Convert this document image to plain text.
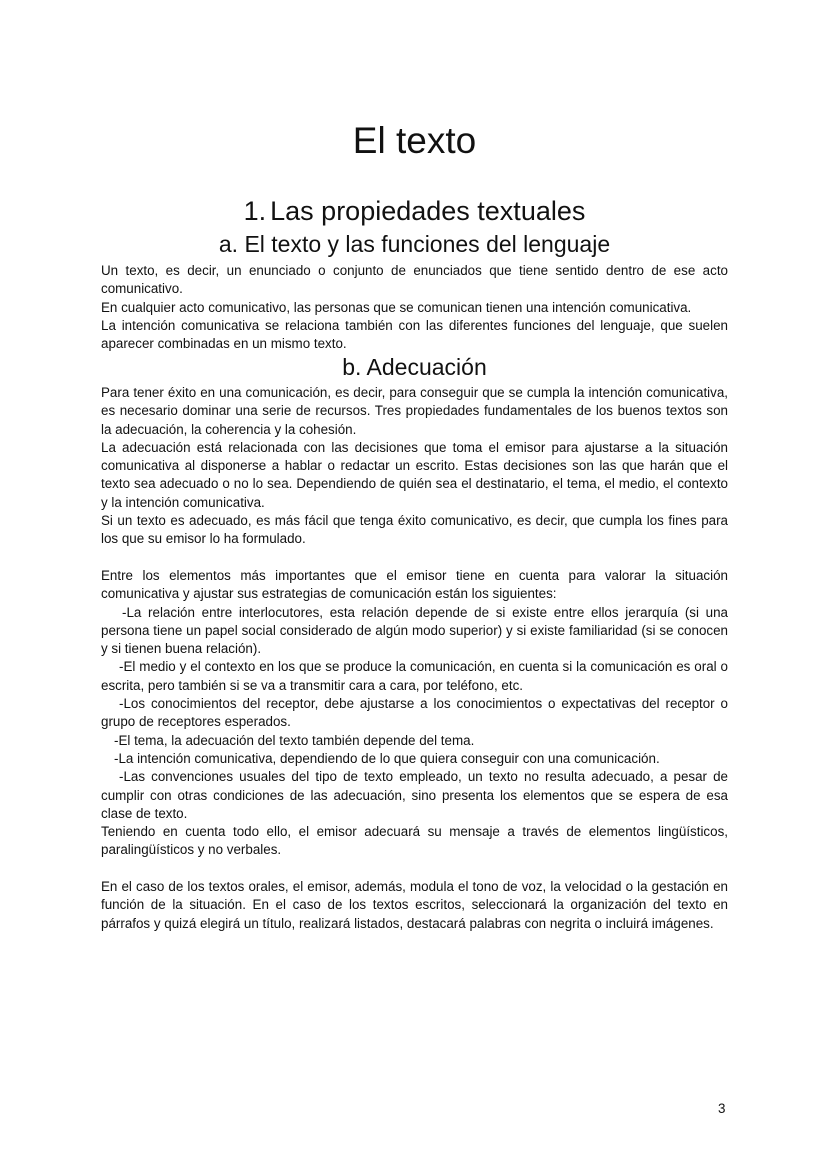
El texto
1. Las propiedades textuales
a. El texto y las funciones del lenguaje

Un texto, es decir, un enunciado o conjunto de enunciados que tiene sentido dentro de ese acto comunicativo.

En cualquier acto comunicativo, las personas que se comunican tienen una intención comunicativa.

La intención comunicativa se relaciona también con las diferentes funciones del lenguaje, que suelen aparecer combinadas en un mismo texto.

b. Adecuación

Para tener éxito en una comunicación, es decir, para conseguir que se cumpla la intención comunicativa, es necesario dominar una serie de recursos. Tres propiedades fundamentales de los buenos textos son la adecuación, la coherencia y la cohesión.

La adecuación está relacionada con las decisiones que toma el emisor para ajustarse a la situación comunicativa al disponerse a hablar o redactar un escrito. Estas decisiones son las que harán que el texto sea adecuado o no lo sea. Dependiendo de quién sea el destinatario, el tema, el medio, el contexto y la intención comunicativa.

Si un texto es adecuado, es más fácil que tenga éxito comunicativo, es decir, que cumpla los fines para los que su emisor lo ha formulado.

Entre los elementos más importantes que el emisor tiene en cuenta para valorar la situación comunicativa y ajustar sus estrategias de comunicación están los siguientes:

-La relación entre interlocutores, esta relación depende de si existe entre ellos jerarquía (si una persona tiene un papel social considerado de algún modo superior) y si existe familiaridad (si se conocen y si tienen buena relación).

-El medio y el contexto en los que se produce la comunicación, en cuenta si la comunicación es oral o escrita, pero también si se va a transmitir cara a cara, por teléfono, etc.

-Los conocimientos del receptor, debe ajustarse a los conocimientos o expectativas del receptor o grupo de receptores esperados.

-El tema, la adecuación del texto también depende del tema.

-La intención comunicativa, dependiendo de lo que quiera conseguir con una comunicación.

-Las convenciones usuales del tipo de texto empleado, un texto no resulta adecuado, a pesar de cumplir con otras condiciones de las adecuación, sino presenta los elementos que se espera de esa clase de texto.

Teniendo en cuenta todo ello, el emisor adecuará su mensaje a través de elementos lingüísticos, paralingüísticos y no verbales.

En el caso de los textos orales, el emisor, además, modula el tono de voz, la velocidad o la gestación en función de la situación. En el caso de los textos escritos, seleccionará la organización del texto en párrafos y quizá elegirá un título, realizará listados, destacará palabras con negrita o incluirá imágenes.

3
